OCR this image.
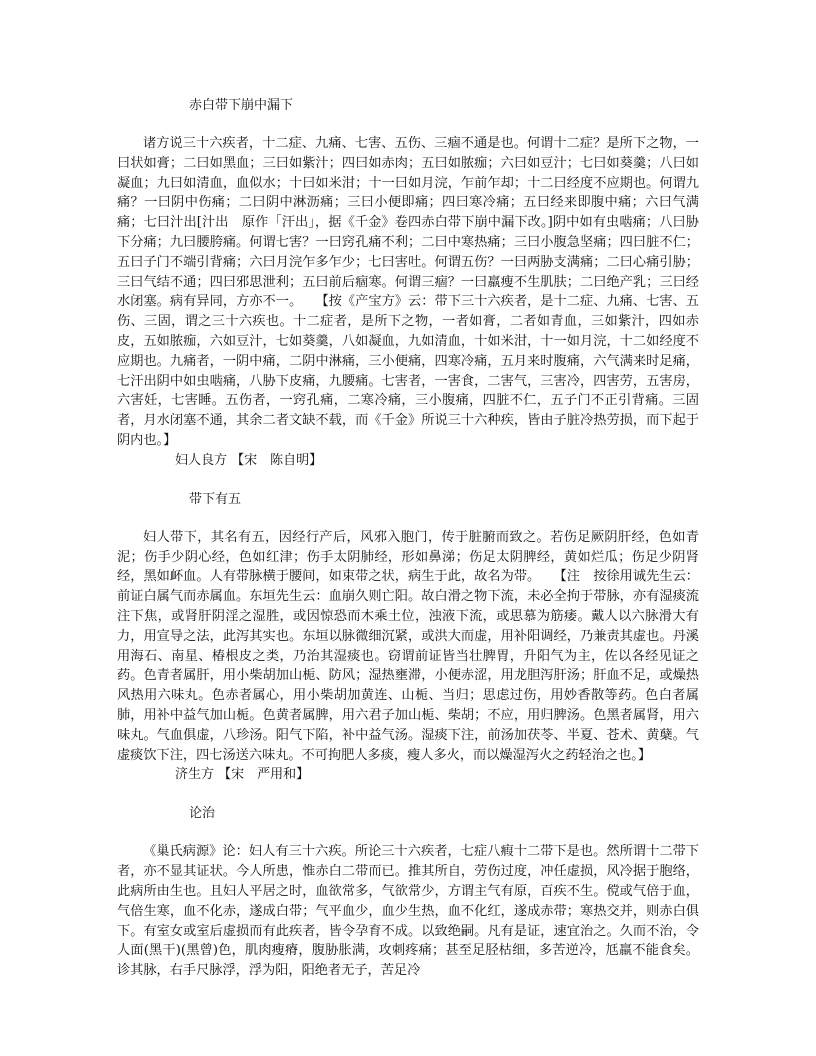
赤白带下崩中漏下

诸方说三十六疾者，十二症、九痛、七害、五伤、三痼不通是也。何谓十二症？是所下之物，一曰状如膏；二曰如黑血；三曰如紫汁；四曰如赤肉；五曰如脓痂；六曰如豆汁；七曰如葵羹；八曰如凝血；九曰如清血，血似水；十曰如米泔；十一曰如月浣，乍前乍却；十二曰经度不应期也。何谓九痛？一曰阴中伤痛；二曰阴中淋沥痛；三曰小便即痛；四曰寒冷痛；五曰经来即腹中痛；六曰气满痛；七曰汁出[汁出　原作「汗出」，据《千金》卷四赤白带下崩中漏下改。]阴中如有虫啮痛；八曰胁下分痛；九曰腰胯痛。何谓七害？一曰窍孔痛不利；二曰中寒热痛；三曰小腹急坚痛；四曰脏不仁；五曰子门不端引背痛；六曰月浣乍多乍少；七曰害吐。何谓五伤？一曰两胁支满痛；二曰心痛引胁；三曰气结不通；四曰邪思泄利；五曰前后痼寒。何谓三痼？一曰羸瘦不生肌肤；二曰绝产乳；三曰经水闭塞。病有异同，方亦不一。　　【按《产宝方》云：带下三十六疾者，是十二症、九痛、七害、五伤、三固，谓之三十六疾也。十二症者，是所下之物，一者如膏，二者如青血，三如紫汁，四如赤皮，五如脓痂，六如豆汁，七如葵羹，八如凝血，九如清血，十如米泔，十一如月浣，十二如经度不应期也。九痛者，一阴中痛，二阴中淋痛，三小便痛，四寒冷痛，五月来时腹痛，六气满来时足痛，七汗出阴中如虫啮痛，八胁下皮痛，九腰痛。七害者，一害食，二害气，三害冷，四害劳，五害房，六害妊，七害睡。五伤者，一窍孔痛，二寒冷痛，三小腹痛，四脏不仁，五子门不正引背痛。三固者，月水闭塞不通，其余二者文缺不载，而《千金》所说三十六种疾，皆由子脏冷热劳损，而下起于阴内也。】

妇人良方 【宋　陈自明】
带下有五

妇人带下，其名有五，因经行产后，风邪入胞门，传于脏腑而致之。若伤足厥阴肝经，色如青泥；伤手少阴心经，色如红津；伤手太阴肺经，形如鼻涕；伤足太阴脾经，黄如烂瓜；伤足少阴肾经，黑如衃血。人有带脉横于腰间，如束带之状，病生于此，故名为带。　　【注　按徐用诚先生云：前证白属气而赤属血。东垣先生云：血崩久则亡阳。故白滑之物下流，未必全拘于带脉，亦有湿痰流注下焦，或肾肝阴淫之湿胜，或因惊恐而木乘土位，浊液下流，或思慕为筋痿。戴人以六脉滑大有力，用宣导之法，此泻其实也。东垣以脉微细沉紧，或洪大而虚，用补阳调经，乃兼责其虚也。丹溪用海石、南星、椿根皮之类，乃治其湿痰也。窃谓前证皆当壮脾胃，升阳气为主，佐以各经见证之药。色青者属肝，用小柴胡加山栀、防风；湿热壅滞，小便赤涩，用龙胆泻肝汤；肝血不足，或燥热风热用六味丸。色赤者属心，用小柴胡加黄连、山栀、当归；思虑过伤，用妙香散等药。色白者属肺，用补中益气加山栀。色黄者属脾，用六君子加山栀、柴胡；不应，用归脾汤。色黑者属肾，用六味丸。气血俱虚，八珍汤。阳气下陷，补中益气汤。湿痰下注，前汤加茯苓、半夏、苍术、黄蘖。气虚痰饮下注，四七汤送六味丸。不可拘肥人多痰，瘦人多火，而以燥湿泻火之药轻治之也。】

济生方 【宋　严用和】
论治

《巢氏病源》论：妇人有三十六疾。所论三十六疾者，七症八瘕十二带下是也。然所谓十二带下者，亦不显其证状。今人所患，惟赤白二带而已。推其所自，劳伤过度，冲任虚损，风冷据于胞络，此病所由生也。且妇人平居之时，血欲常多，气欲常少，方谓主气有原，百疾不生。傥或气倍于血，气倍生寒，血不化赤，遂成白带；气平血少，血少生热，血不化红，遂成赤带；寒热交并，则赤白俱下。有室女或室后虚损而有此疾者，皆令孕育不成。以致绝嗣。凡有是证，速宜治之。久而不治，令人面(黑干)(黑曾)色，肌肉瘦瘠，腹胁胀满，攻刺疼痛；甚至足胫枯细，多苦逆冷，尪羸不能食矣。诊其脉，右手尺脉浮，浮为阳，阳绝者无子，苦足冷
